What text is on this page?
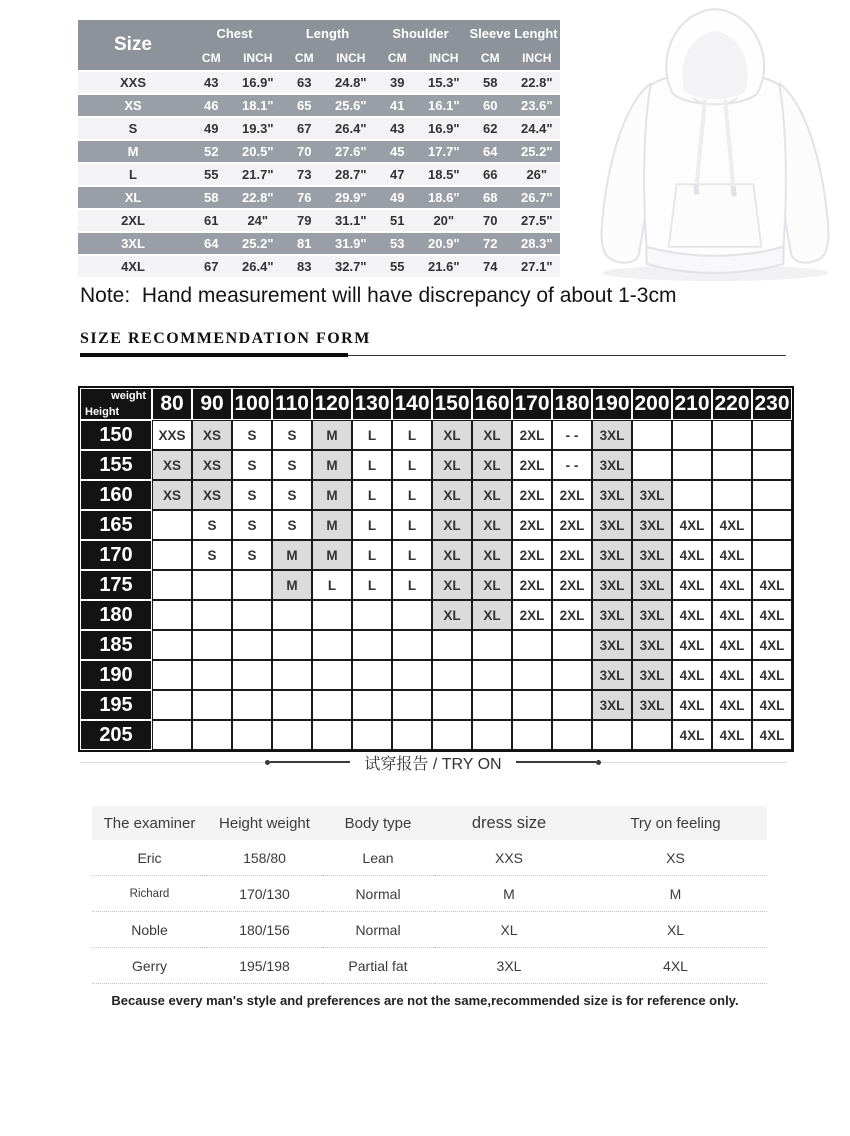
Size	Chest		Length		Shoulder		Sleeve Lenght	
	CM	INCH	CM	INCH	CM	INCH	CM	INCH
XXS	43	16.9"	63	24.8"	39	15.3"	58	22.8"
XS	46	18.1"	65	25.6"	41	16.1"	60	23.6"
S	49	19.3"	67	26.4"	43	16.9"	62	24.4"
M	52	20.5"	70	27.6"	45	17.7"	64	25.2"
L	55	21.7"	73	28.7"	47	18.5"	66	26"
XL	58	22.8"	76	29.9"	49	18.6"	68	26.7"
2XL	61	24"	79	31.1"	51	20"	70	27.5"
3XL	64	25.2"	81	31.9"	53	20.9"	72	28.3"
4XL	67	26.4"	83	32.7"	55	21.6"	74	27.1"

Note:  Hand measurement will have discrepancy of about 1-3cm

SIZE RECOMMENDATION FORM
weight
Height	80	90	100	110	120	130	140	150	160	170	180	190	200	210	220	230
150	XXS	XS	S	S	M	L	L	XL	XL	2XL	- -	3XL				
155	XS	XS	S	S	M	L	L	XL	XL	2XL	- -	3XL				
160	XS	XS	S	S	M	L	L	XL	XL	2XL	2XL	3XL	3XL			
165		S	S	S	M	L	L	XL	XL	2XL	2XL	3XL	3XL	4XL	4XL	
170		S	S	M	M	L	L	XL	XL	2XL	2XL	3XL	3XL	4XL	4XL	
175				M	L	L	L	XL	XL	2XL	2XL	3XL	3XL	4XL	4XL	4XL
180								XL	XL	2XL	2XL	3XL	3XL	4XL	4XL	4XL
185												3XL	3XL	4XL	4XL	4XL
190												3XL	3XL	4XL	4XL	4XL
195												3XL	3XL	4XL	4XL	4XL
205														4XL	4XL	4XL
试穿报告 / TRY ON
The examiner	Height weight	Body type	dress size	Try on feeling
Eric	158/80	Lean	XXS	XS
Richard	170/130	Normal	M	M
Noble	180/156	Normal	XL	XL
Gerry	195/198	Partial fat	3XL	4XL

Because every man's style and preferences are not the same,recommended size is for reference only.
